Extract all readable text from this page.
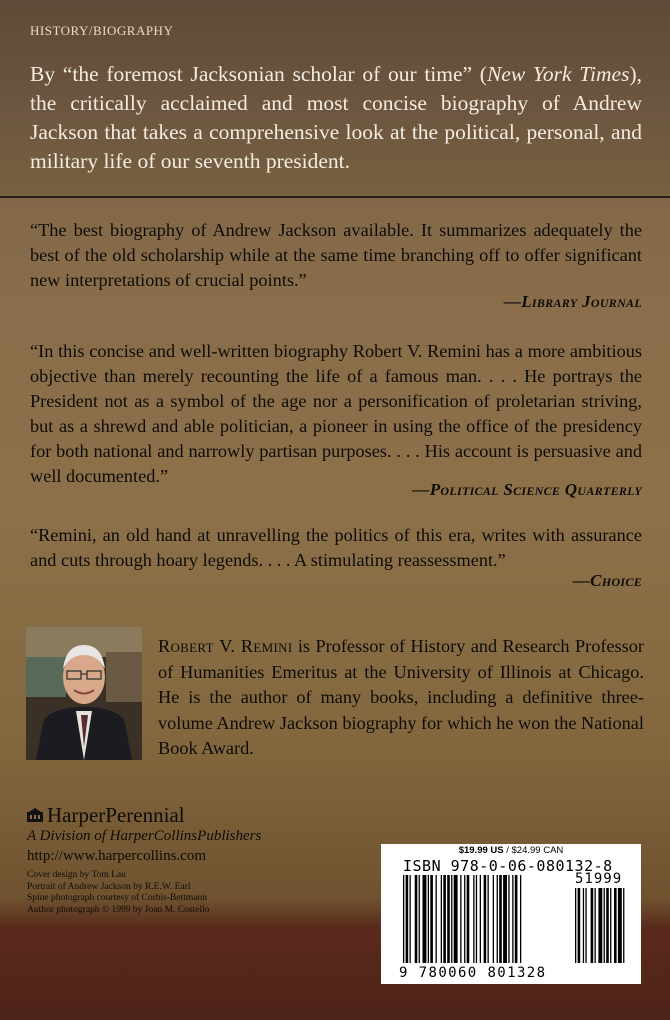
HISTORY/BIOGRAPHY
By “the foremost Jacksonian scholar of our time” (New York Times), the critically acclaimed and most concise biography of Andrew Jackson that takes a comprehensive look at the political, personal, and military life of our seventh president.
“The best biography of Andrew Jackson available. It summarizes adequately the best of the old scholarship while at the same time branching off to offer significant new interpretations of crucial points.”
—Library Journal
“In this concise and well-written biography Robert V. Remini has a more ambitious objective than merely recounting the life of a famous man. . . . He portrays the President not as a symbol of the age nor a personification of proletarian striving, but as a shrewd and able politician, a pioneer in using the office of the presidency for both national and narrowly partisan purposes. . . . His account is persuasive and well documented.”
—Political Science Quarterly
“Remini, an old hand at unravelling the politics of this era, writes with assurance and cuts through hoary legends. . . . A stimulating reassessment.”
—Choice
Robert V. Remini is Professor of History and Research Professor of Humanities Emeritus at the University of Illinois at Chicago. He is the author of many books, including a definitive three-volume Andrew Jackson biography for which he won the National Book Award.
HarperPerennial
A Division of HarperCollinsPublishers
http://www.harpercollins.com
Cover design by Tom Lau
Portrait of Andrew Jackson by R.E.W. Earl
Spine photograph courtesy of Corbis-Bettmann
Author photograph © 1999 by Joan M. Costello
$19.99 US / $24.99 CAN
ISBN 978-0-06-080132-8
51999
9 780060 801328
